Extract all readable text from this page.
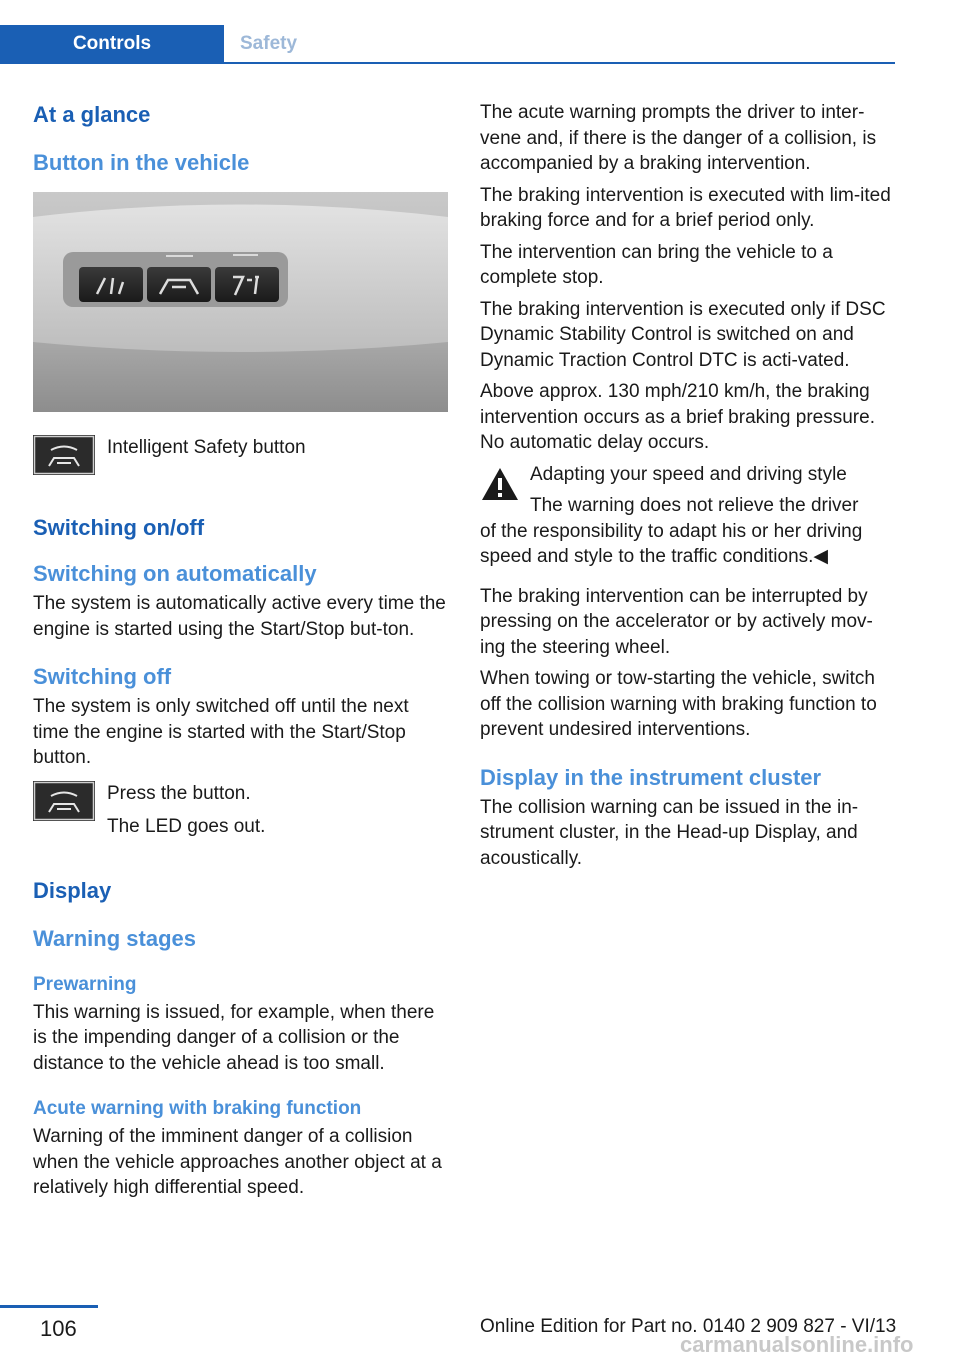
Controls	Safety
At a glance
Button in the vehicle
Intelligent Safety button
Switching on/off
Switching on automatically
The system is automatically active every time the engine is started using the Start/Stop but‐ton.
Switching off
The system is only switched off until the next time the engine is started with the Start/Stop button.
Press the button.
The LED goes out.
Display
Warning stages
Prewarning
This warning is issued, for example, when there is the impending danger of a collision or the distance to the vehicle ahead is too small.
Acute warning with braking function
Warning of the imminent danger of a collision when the vehicle approaches another object at a relatively high differential speed.
The acute warning prompts the driver to inter‐vene and, if there is the danger of a collision, is accompanied by a braking intervention.
The braking intervention is executed with lim‐ited braking force and for a brief period only.
The intervention can bring the vehicle to a complete stop.
The braking intervention is executed only if DSC Dynamic Stability Control is switched on and Dynamic Traction Control DTC is acti‐vated.
Above approx. 130 mph/210 km/h, the braking intervention occurs as a brief braking pressure. No automatic delay occurs.
Adapting your speed and driving style
The warning does not relieve the driver
of the responsibility to adapt his or her driving speed and style to the traffic conditions.◀
The braking intervention can be interrupted by pressing on the accelerator or by actively mov‐ing the steering wheel.
When towing or tow-starting the vehicle, switch off the collision warning with braking function to prevent undesired interventions.
Display in the instrument cluster
The collision warning can be issued in the in‐strument cluster, in the Head-up Display, and acoustically.
106	Online Edition for Part no. 0140 2 909 827 - VI/13
carmanualsonline.info
